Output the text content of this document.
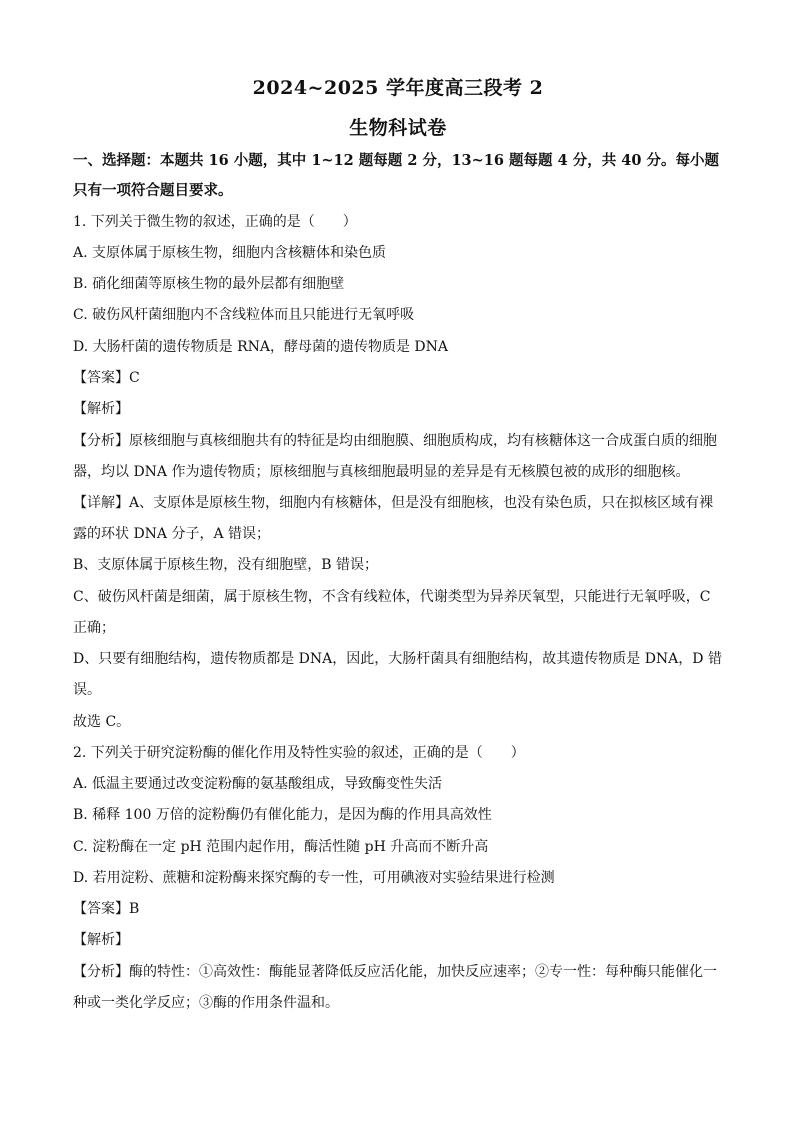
2024~2025 学年度高三段考 2
生物科试卷
一、选择题：本题共 16 小题，其中 1~12 题每题 2 分，13~16 题每题 4 分，共 40 分。每小题
只有一项符合题目要求。
1. 下列关于微生物的叙述，正确的是（　　）
A. 支原体属于原核生物，细胞内含核糖体和染色质
B. 硝化细菌等原核生物的最外层都有细胞壁
C. 破伤风杆菌细胞内不含线粒体而且只能进行无氧呼吸
D. 大肠杆菌的遗传物质是 RNA，酵母菌的遗传物质是 DNA
【答案】C
【解析】
【分析】原核细胞与真核细胞共有的特征是均由细胞膜、细胞质构成，均有核糖体这一合成蛋白质的细胞
器，均以 DNA 作为遗传物质；原核细胞与真核细胞最明显的差异是有无核膜包被的成形的细胞核。
【详解】A、支原体是原核生物，细胞内有核糖体，但是没有细胞核，也没有染色质，只在拟核区域有裸
露的环状 DNA 分子，A 错误；
B、支原体属于原核生物，没有细胞壁，B 错误；
C、破伤风杆菌是细菌，属于原核生物，不含有线粒体，代谢类型为异养厌氧型，只能进行无氧呼吸，C
正确；
D、只要有细胞结构，遗传物质都是 DNA，因此，大肠杆菌具有细胞结构，故其遗传物质是 DNA，D 错
误。
故选 C。
2. 下列关于研究淀粉酶的催化作用及特性实验的叙述，正确的是（　　）
A. 低温主要通过改变淀粉酶的氨基酸组成，导致酶变性失活
B. 稀释 100 万倍的淀粉酶仍有催化能力，是因为酶的作用具高效性
C. 淀粉酶在一定 pH 范围内起作用，酶活性随 pH 升高而不断升高
D. 若用淀粉、蔗糖和淀粉酶来探究酶的专一性，可用碘液对实验结果进行检测
【答案】B
【解析】
【分析】酶的特性：①高效性：酶能显著降低反应活化能，加快反应速率；②专一性：每种酶只能催化一
种或一类化学反应；③酶的作用条件温和。
